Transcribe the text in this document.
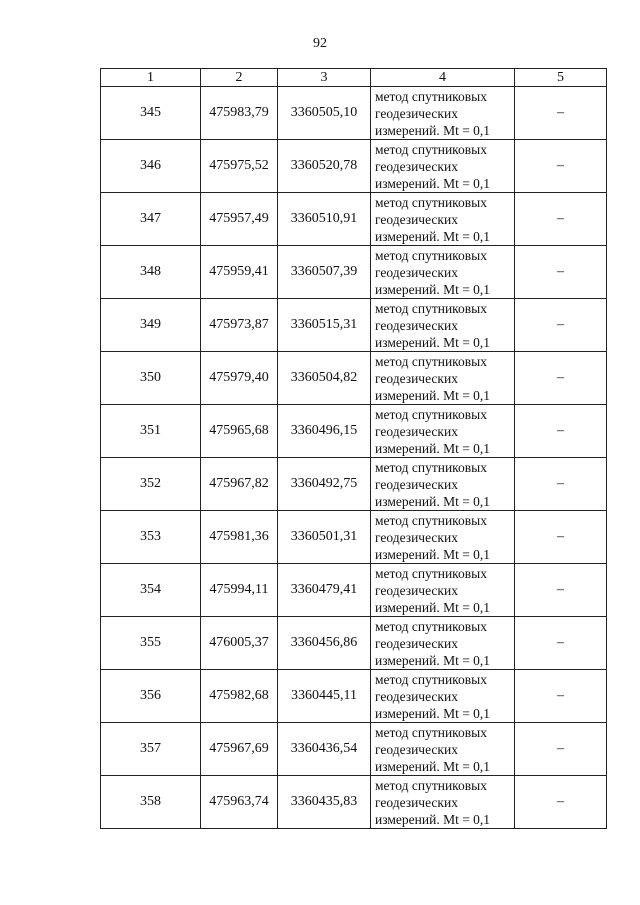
92
1	2	3	4	5
345	475983,79	3360505,10	метод спутниковых
геодезических
измерений. Mt = 0,1	–
346	475975,52	3360520,78	метод спутниковых
геодезических
измерений. Mt = 0,1	–
347	475957,49	3360510,91	метод спутниковых
геодезических
измерений. Mt = 0,1	–
348	475959,41	3360507,39	метод спутниковых
геодезических
измерений. Mt = 0,1	–
349	475973,87	3360515,31	метод спутниковых
геодезических
измерений. Mt = 0,1	–
350	475979,40	3360504,82	метод спутниковых
геодезических
измерений. Mt = 0,1	–
351	475965,68	3360496,15	метод спутниковых
геодезических
измерений. Mt = 0,1	–
352	475967,82	3360492,75	метод спутниковых
геодезических
измерений. Mt = 0,1	–
353	475981,36	3360501,31	метод спутниковых
геодезических
измерений. Mt = 0,1	–
354	475994,11	3360479,41	метод спутниковых
геодезических
измерений. Mt = 0,1	–
355	476005,37	3360456,86	метод спутниковых
геодезических
измерений. Mt = 0,1	–
356	475982,68	3360445,11	метод спутниковых
геодезических
измерений. Mt = 0,1	–
357	475967,69	3360436,54	метод спутниковых
геодезических
измерений. Mt = 0,1	–
358	475963,74	3360435,83	метод спутниковых
геодезических
измерений. Mt = 0,1	–
